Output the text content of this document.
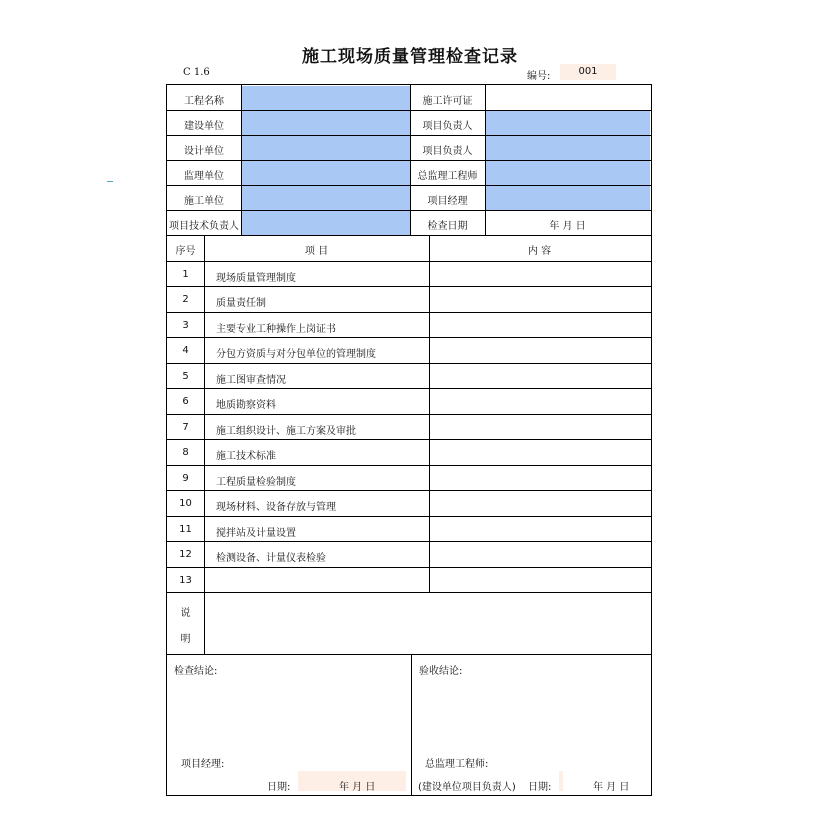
施工现场质量管理检查记录
C 1.6	编号:	001
工程名称	施工许可证
建设单位	项目负责人
设计单位	项目负责人
监理单位	总监理工程师
施工单位	项目经理
项目技术负责人	检查日期	年 月 日
序号	项 目	内 容
1	现场质量管理制度
2	质量责任制
3	主要专业工种操作上岗证书
4	分包方资质与对分包单位的管理制度
5	施工图审查情况
6	地质勘察资料
7	施工组织设计、施工方案及审批
8	施工技术标准
9	工程质量检验制度
10	现场材料、设备存放与管理
11	搅拌站及计量设置
12	检测设备、计量仪表检验
13
说
明
检查结论:
项目经理:
日期:	年 月 日
验收结论:
总监理工程师:
(建设单位项目负责人) 日期:	年 月 日
